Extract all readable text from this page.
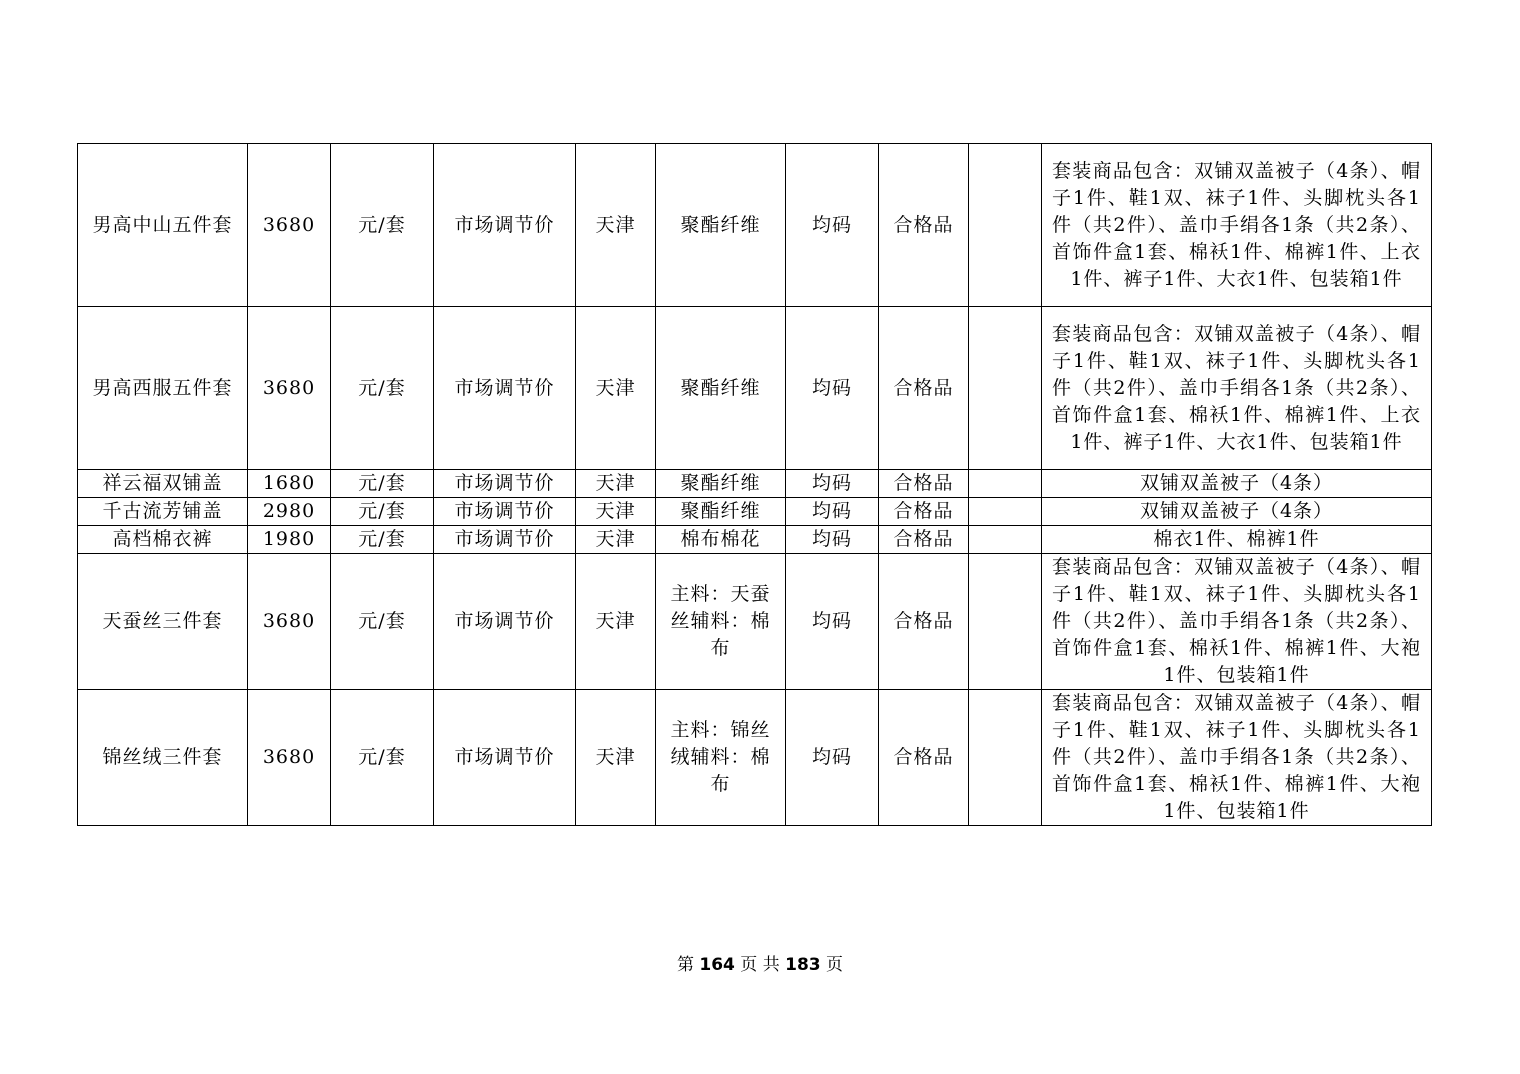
男高中山五件套	3680	元/套	市场调节价	天津	聚酯纤维	均码	合格品		套装商品包含：双铺双盖被子（4条）、帽子1件、鞋1双、袜子1件、头脚枕头各1件（共2件）、盖巾手绢各1条（共2条）、首饰件盒1套、棉袄1件、棉裤1件、上衣1件、裤子1件、大衣1件、包装箱1件

男高西服五件套	3680	元/套	市场调节价	天津	聚酯纤维	均码	合格品		套装商品包含：双铺双盖被子（4条）、帽子1件、鞋1双、袜子1件、头脚枕头各1件（共2件）、盖巾手绢各1条（共2条）、首饰件盒1套、棉袄1件、棉裤1件、上衣1件、裤子1件、大衣1件、包装箱1件

祥云福双铺盖	1680	元/套	市场调节价	天津	聚酯纤维	均码	合格品		双铺双盖被子（4条）
千古流芳铺盖	2980	元/套	市场调节价	天津	聚酯纤维	均码	合格品		双铺双盖被子（4条）
高档棉衣裤	1980	元/套	市场调节价	天津	棉布棉花	均码	合格品		棉衣1件、棉裤1件
天蚕丝三件套	3680	元/套	市场调节价	天津	主料：天蚕丝辅料：棉布	均码	合格品		套装商品包含：双铺双盖被子（4条）、帽子1件、鞋1双、袜子1件、头脚枕头各1件（共2件）、盖巾手绢各1条（共2条）、首饰件盒1套、棉袄1件、棉裤1件、大袍1件、包装箱1件

锦丝绒三件套	3680	元/套	市场调节价	天津	主料：锦丝绒辅料：棉布	均码	合格品		套装商品包含：双铺双盖被子（4条）、帽子1件、鞋1双、袜子1件、头脚枕头各1件（共2件）、盖巾手绢各1条（共2条）、首饰件盒1套、棉袄1件、棉裤1件、大袍1件、包装箱1件
第 164 页 共 183 页
